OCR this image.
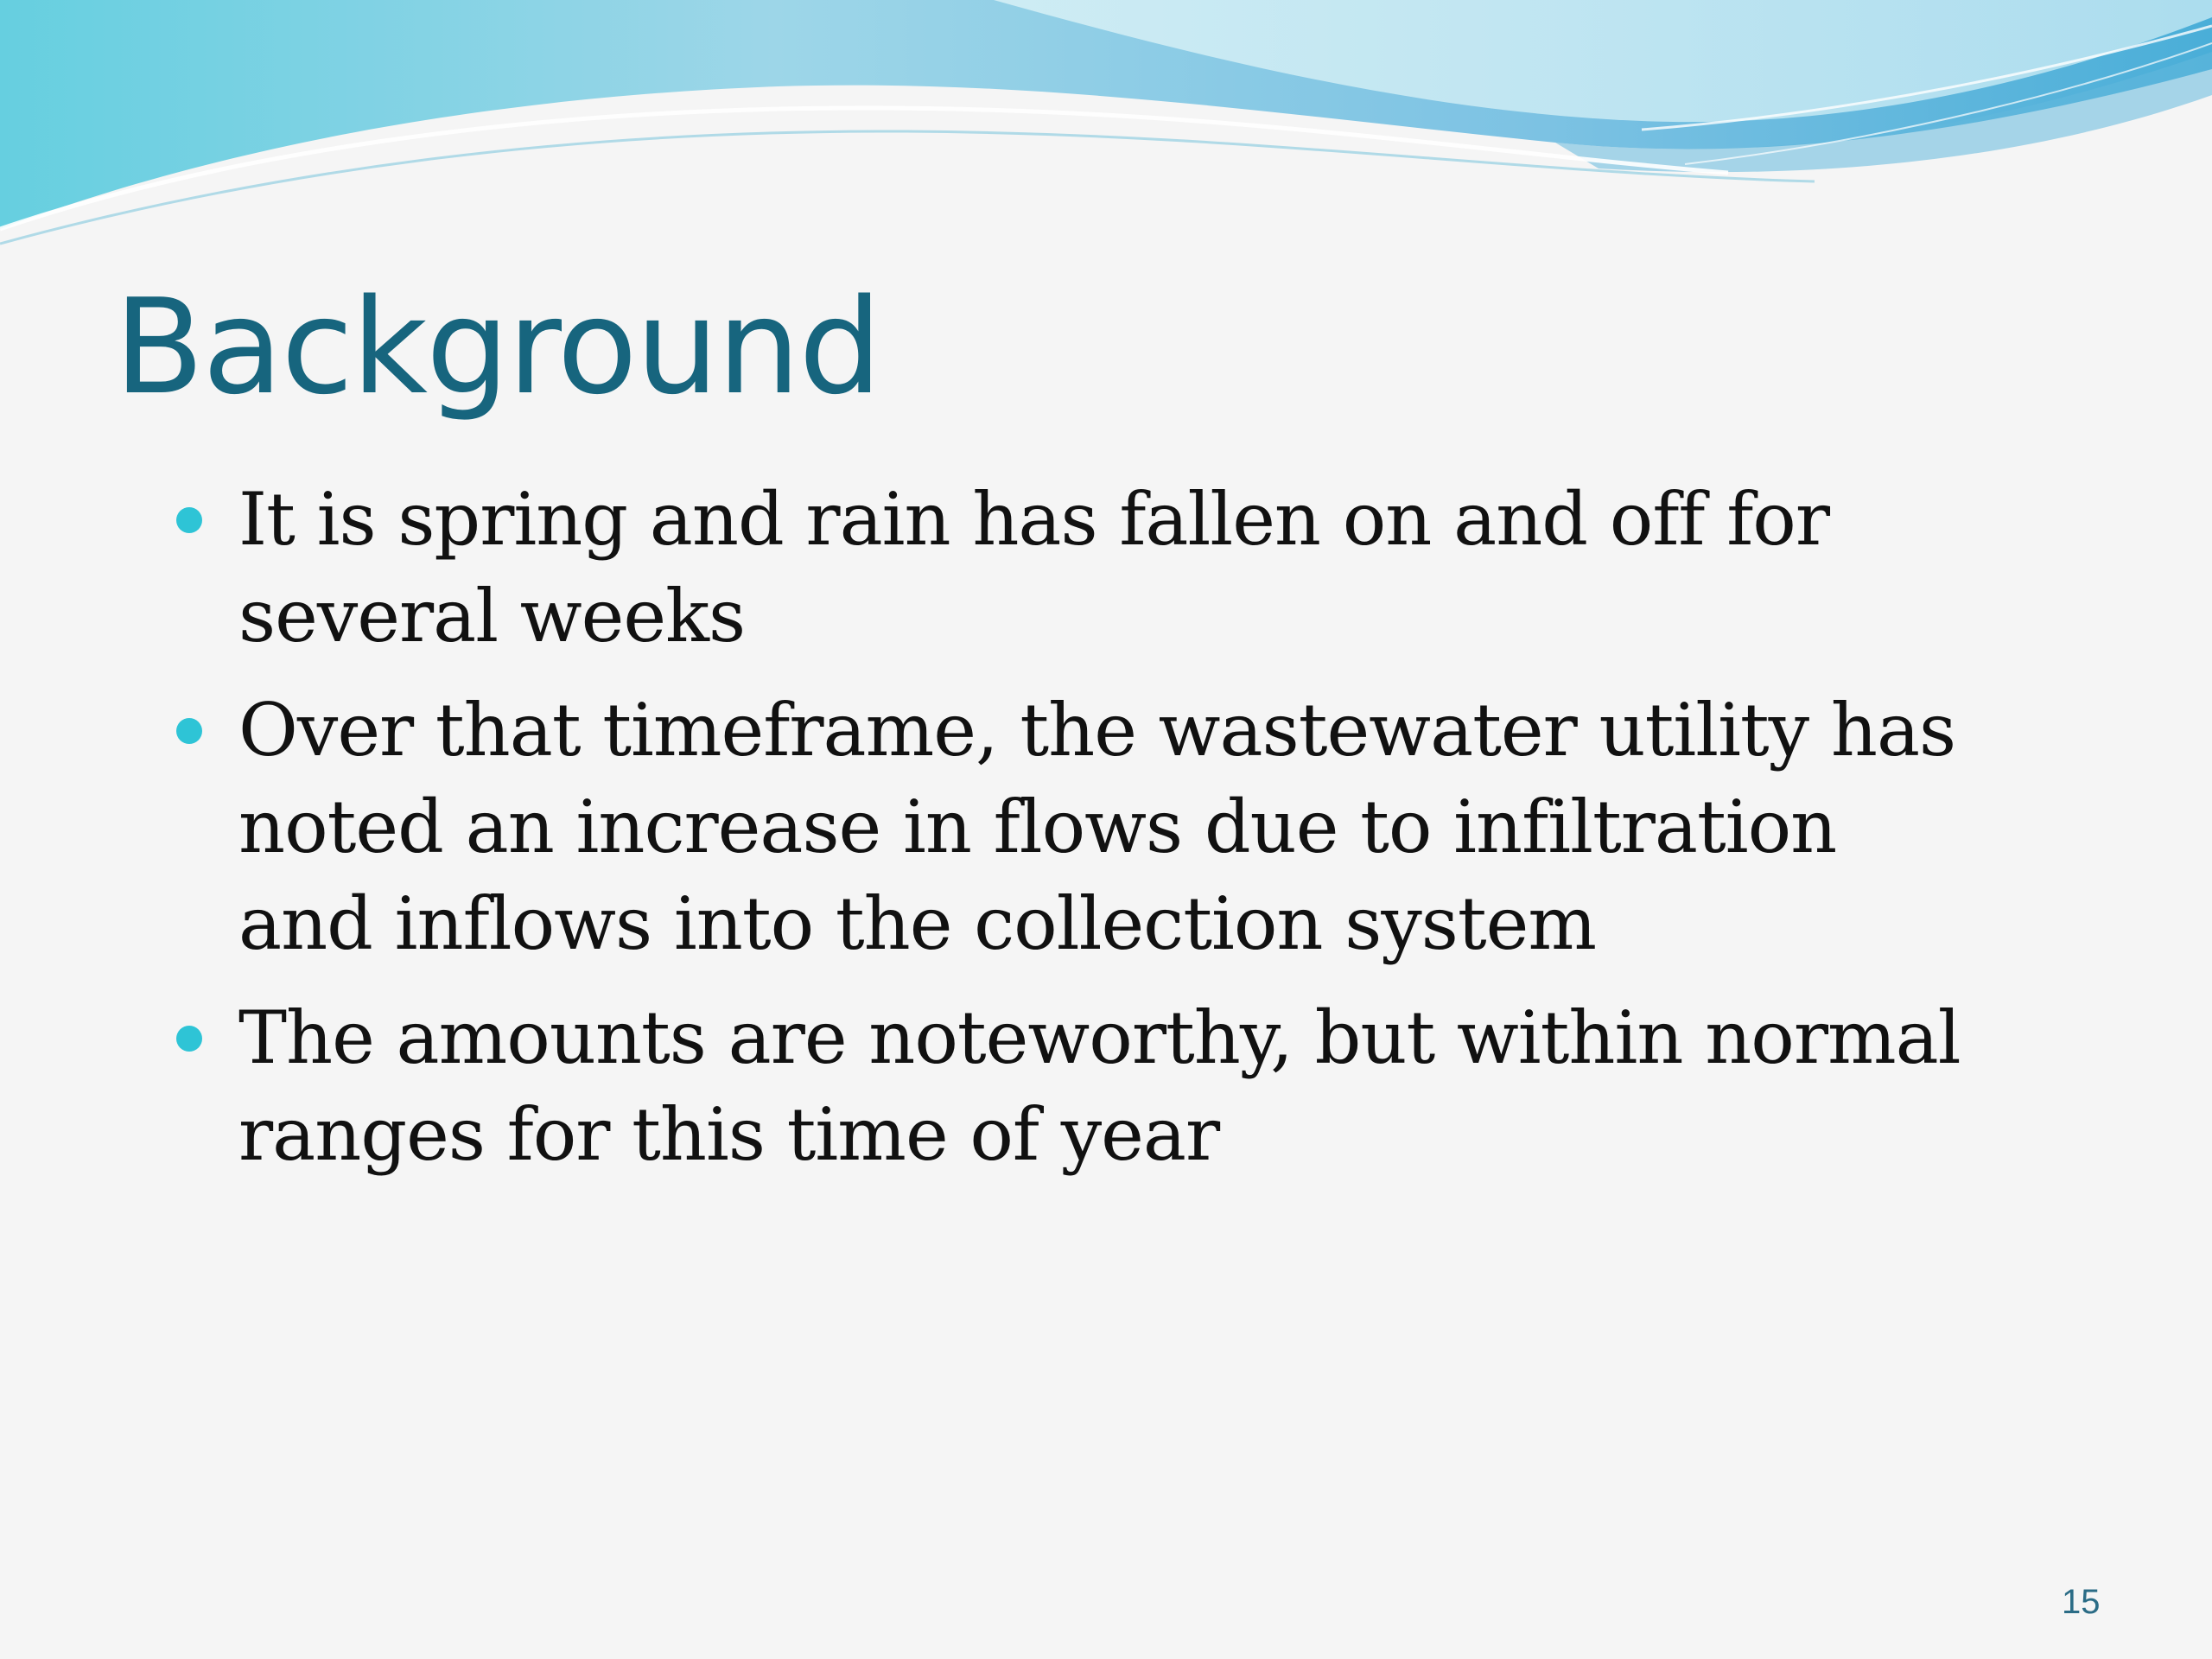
Background
It is spring and rain has fallen on and off for several weeks
Over that timeframe, the wastewater utility has noted an increase in flows due to infiltration and inflows into the collection system
The amounts are noteworthy, but within normal ranges for this time of year
15
